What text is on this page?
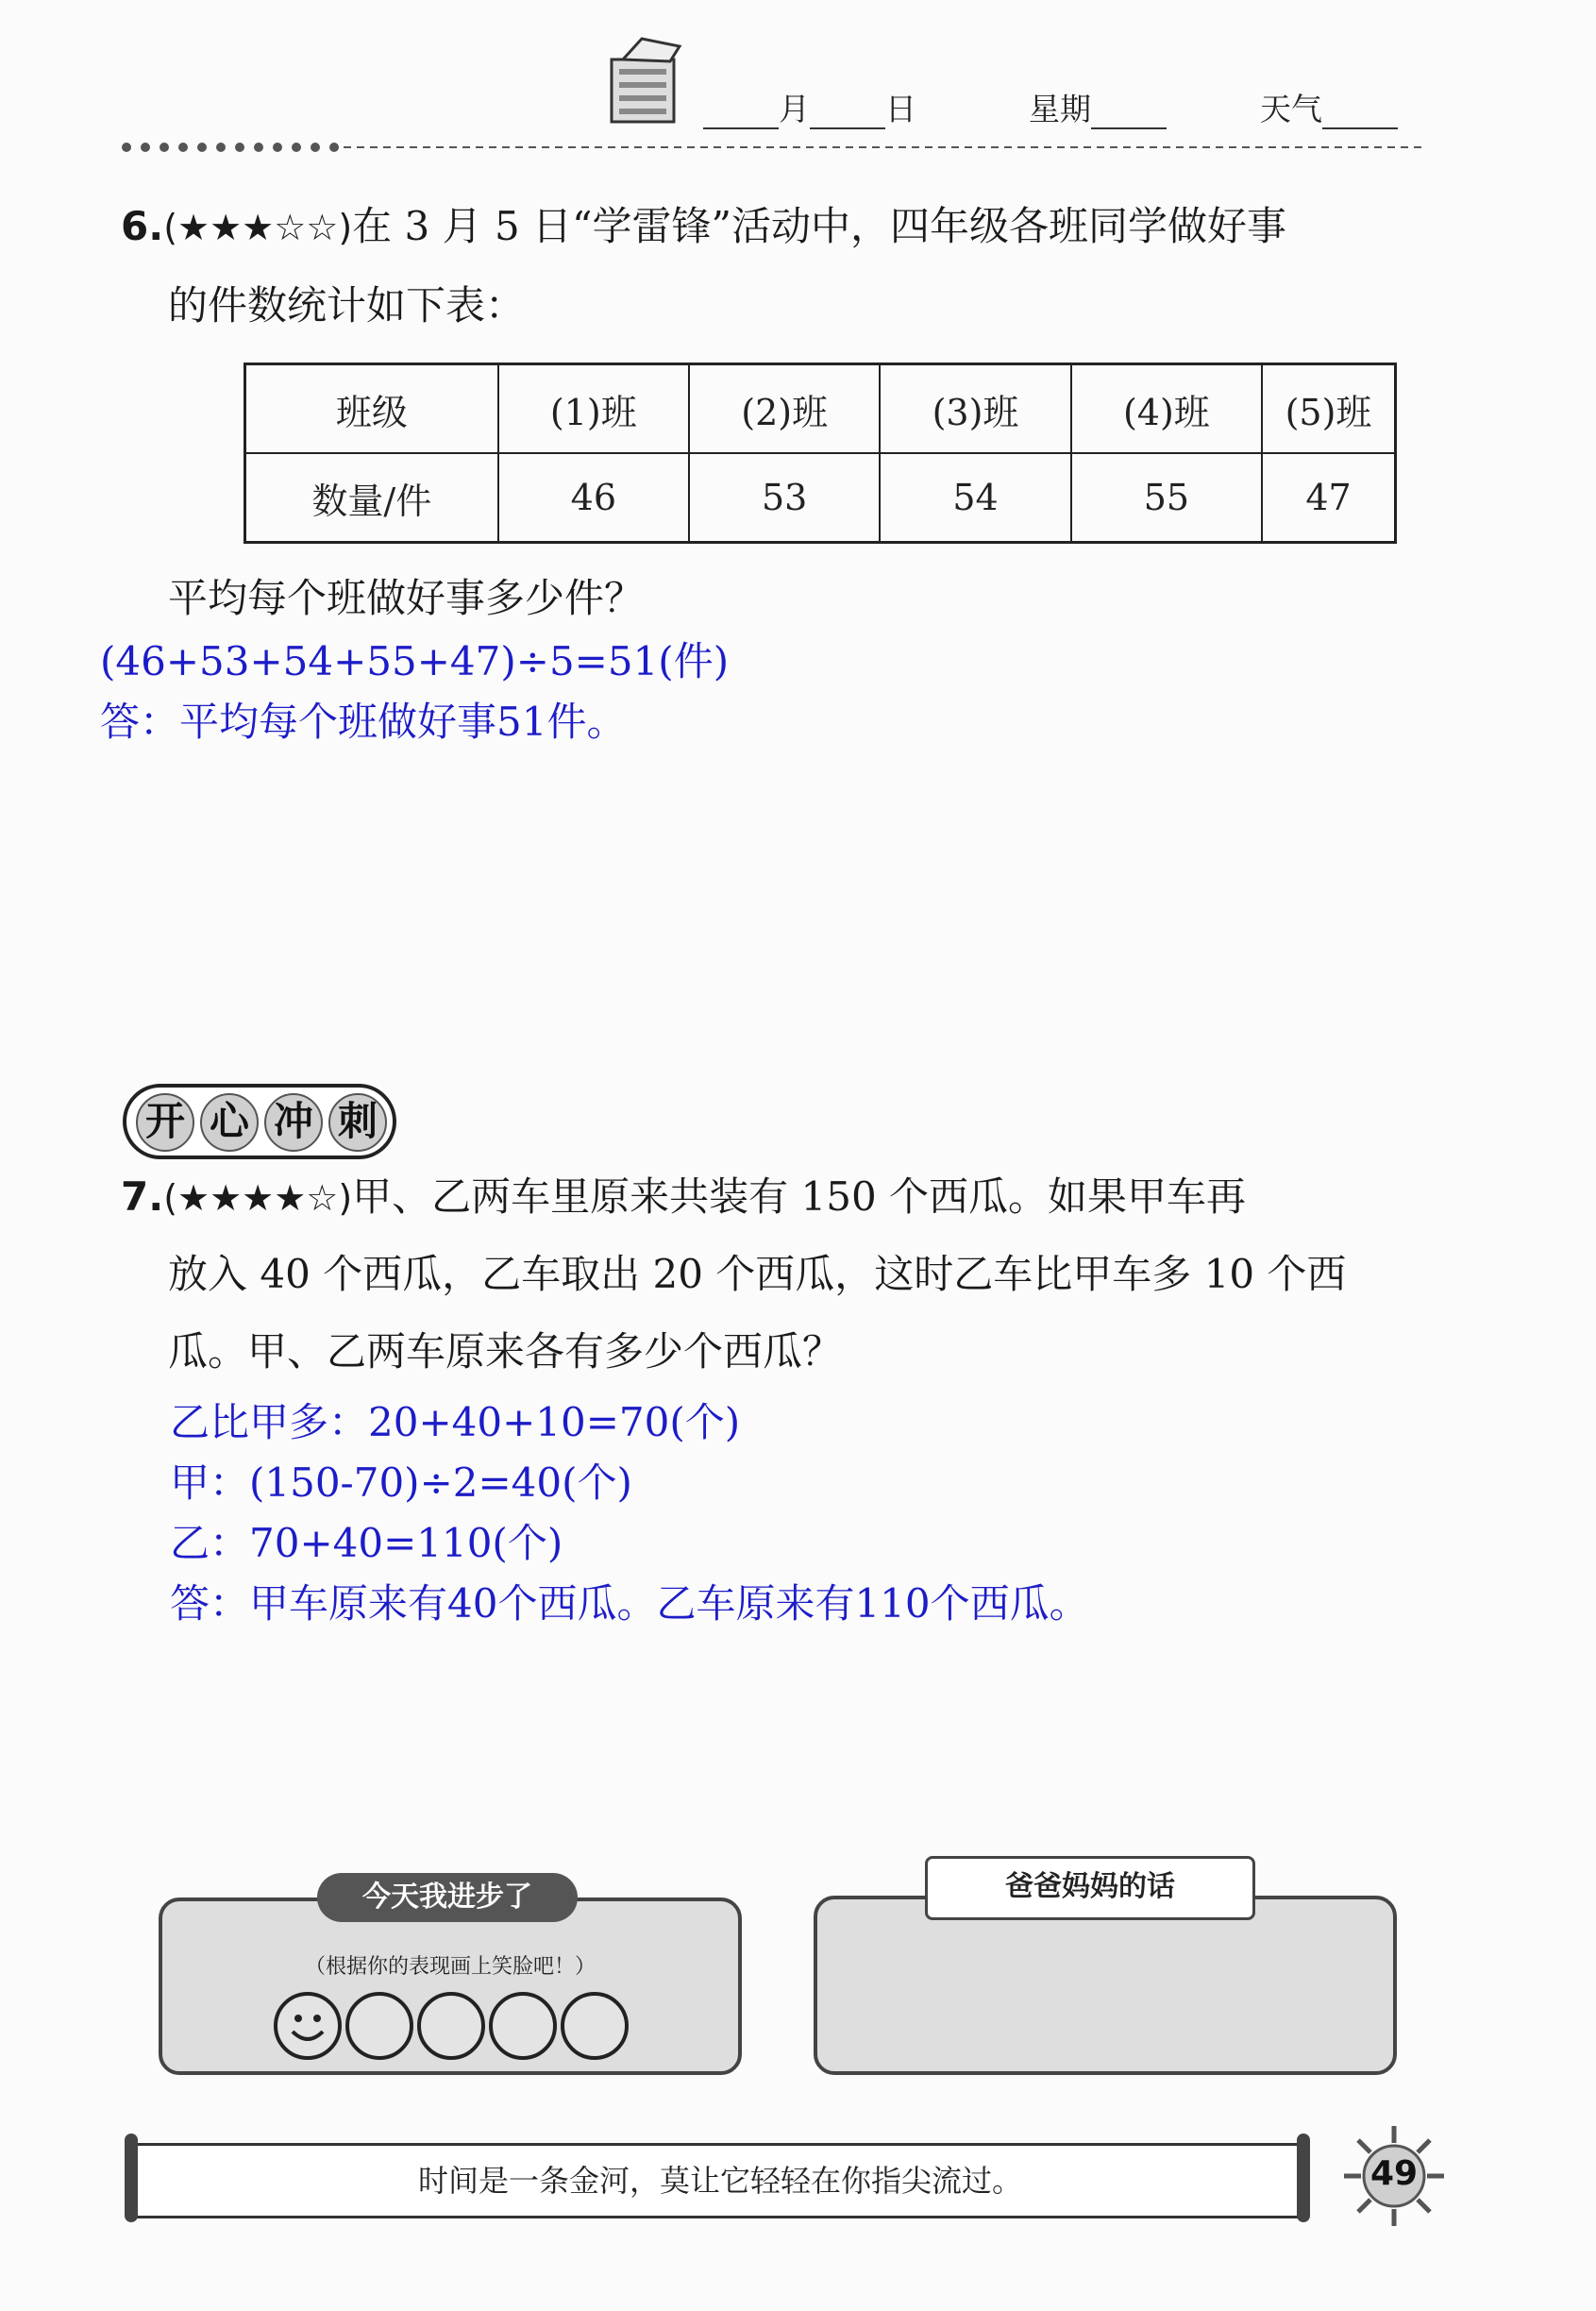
月 日	星期	天气
6.(★★★☆☆)在 3 月 5 日“学雷锋”活动中，四年级各班同学做好事
的件数统计如下表：
班级	(1)班	(2)班	(3)班	(4)班	(5)班
数量/件	46	53	54	55	47
平均每个班做好事多少件？
(46+53+54+55+47)÷5=51(件)
答：平均每个班做好事51件。
开 心 冲 刺
7.(★★★★☆)甲、乙两车里原来共装有 150 个西瓜。如果甲车再
放入 40 个西瓜，乙车取出 20 个西瓜，这时乙车比甲车多 10 个西
瓜。甲、乙两车原来各有多少个西瓜？
乙比甲多：20+40+10=70(个)
甲：(150-70)÷2=40(个)
乙：70+40=110(个)
答：甲车原来有40个西瓜。乙车原来有110个西瓜。
（根据你的表现画上笑脸吧！）
今天我进步了	爸爸妈妈的话
时间是一条金河，莫让它轻轻在你指尖流过。	49
